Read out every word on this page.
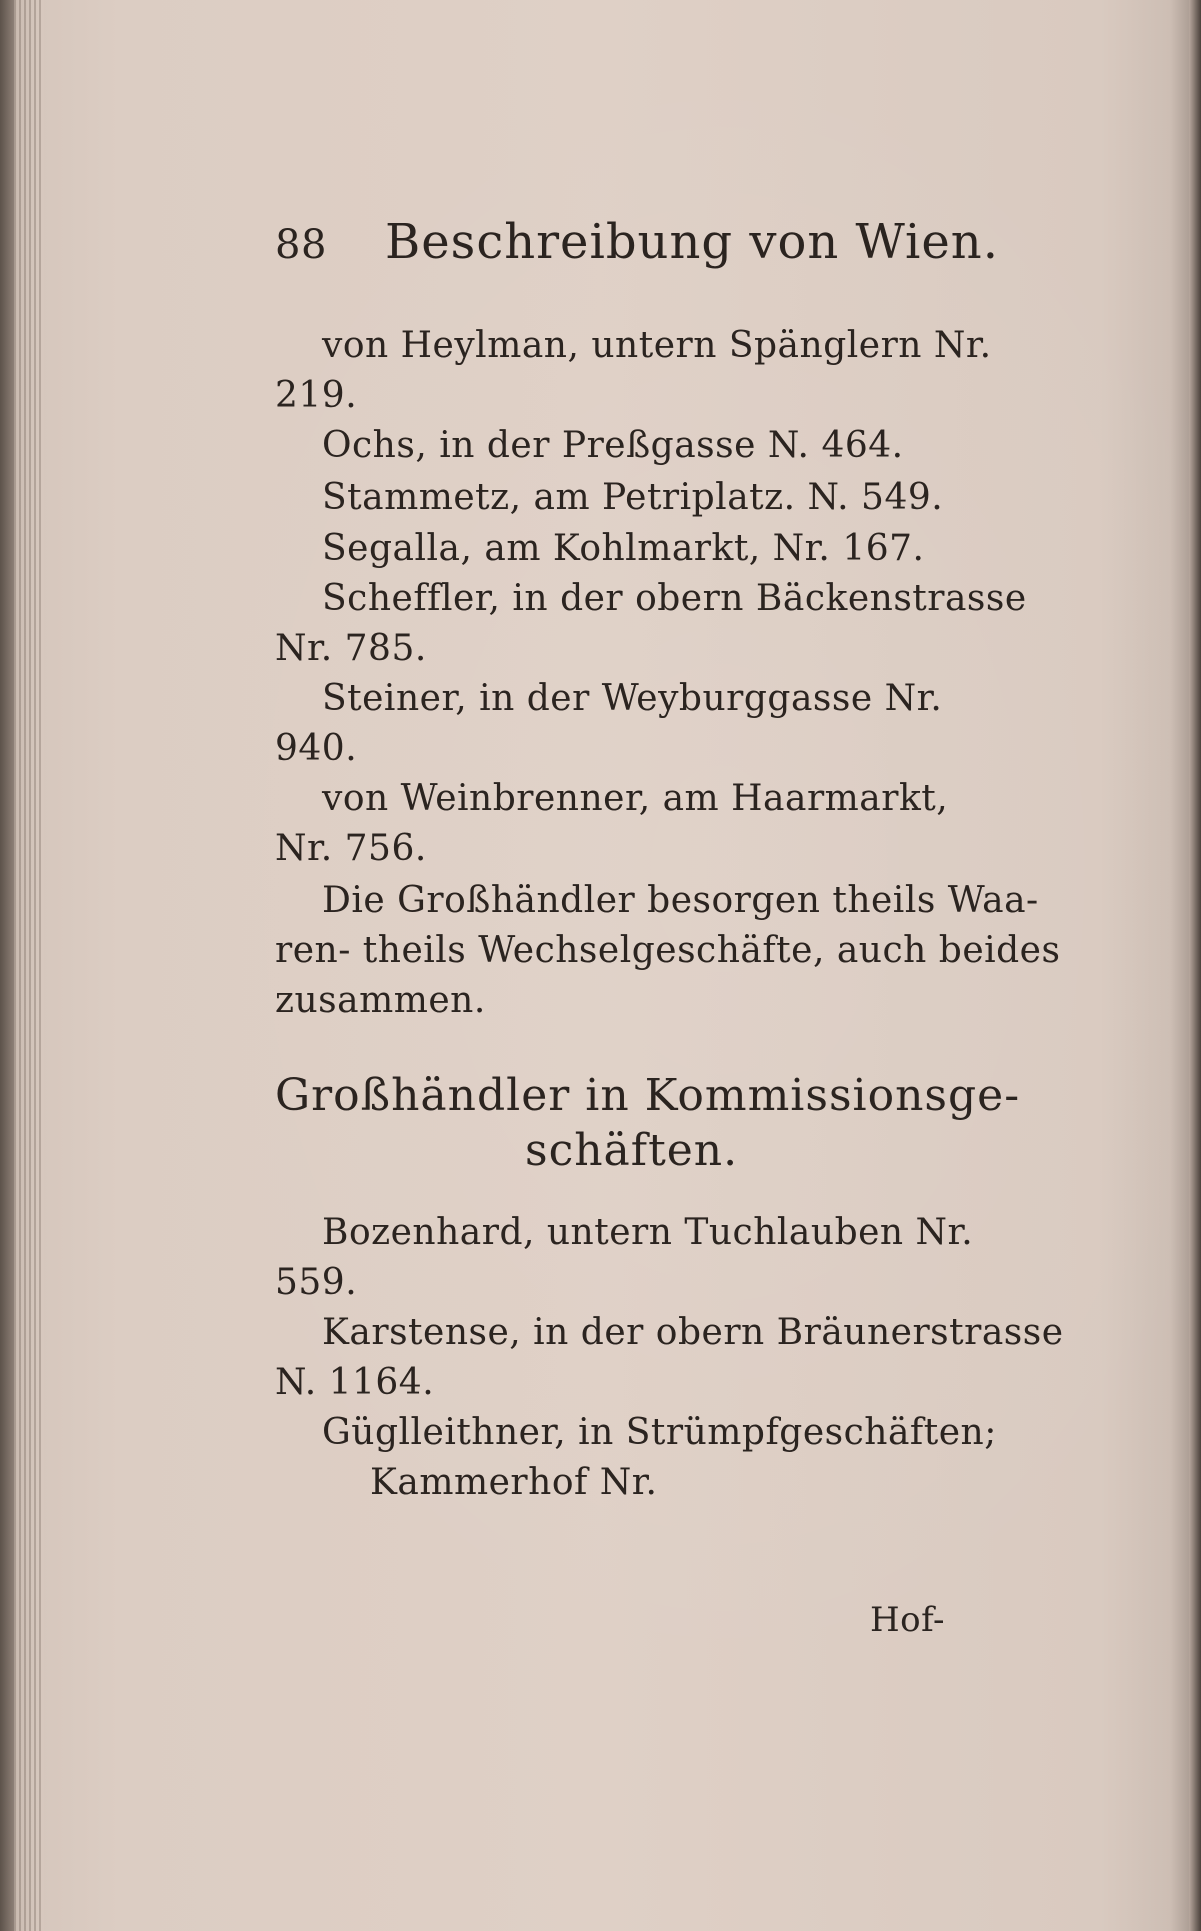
88 Beschreibung von Wien.
von Heylman, untern Spänglern Nr.
219.
Ochs, in der Preßgasse N. 464.
Stammetz, am Petriplatz. N. 549.
Segalla, am Kohlmarkt, Nr. 167.
Scheffler, in der obern Bäckenstrasse
Nr. 785.
Steiner, in der Weyburggasse Nr.
940.
von Weinbrenner, am Haarmarkt,
Nr. 756.
Die Großhändler besorgen theils Waa-
ren- theils Wechselgeschäfte, auch beides
zusammen.
Großhändler in Kommissionsge-
schäften.
Bozenhard, untern Tuchlauben Nr.
559.
Karstense, in der obern Bräunerstrasse
N. 1164.
Güglleithner, in Strümpfgeschäften;
Kammerhof Nr.
Hof-
